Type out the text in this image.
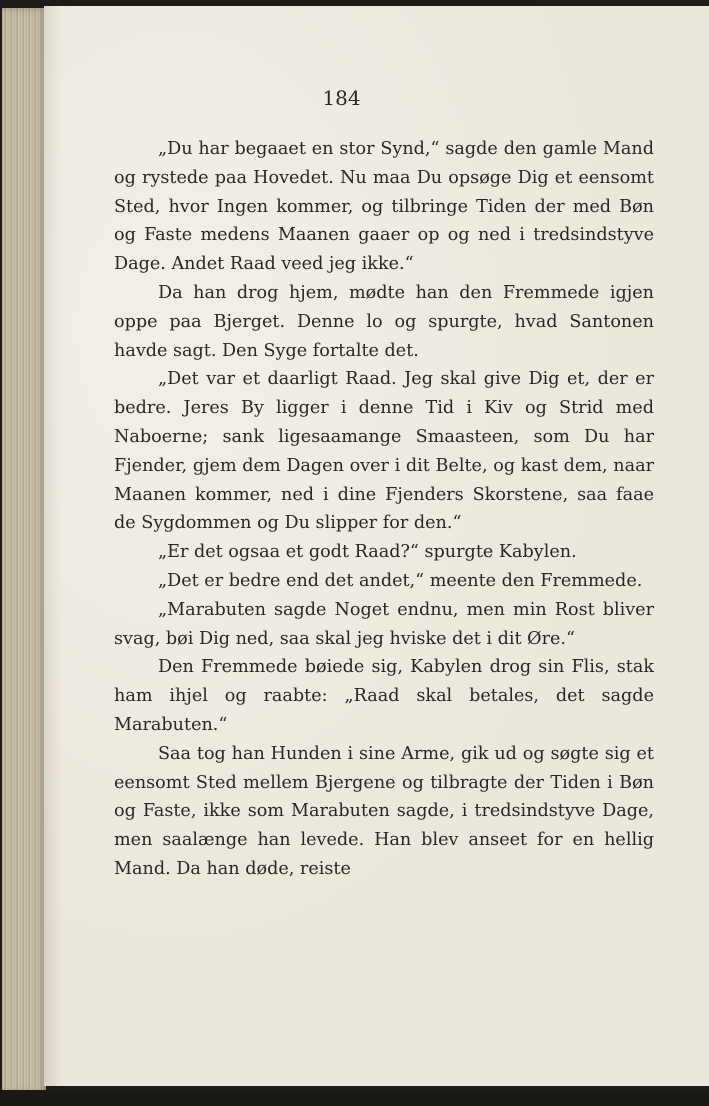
184

„Du har begaaet en stor Synd,“ sagde den gamle Mand og rystede paa Hovedet. Nu maa Du opsøge Dig et eensomt Sted, hvor Ingen kommer, og tilbringe Tiden der med Bøn og Faste medens Maanen gaaer op og ned i tredsindstyve Dage. Andet Raad veed jeg ikke.“

Da han drog hjem, mødte han den Fremmede igjen oppe paa Bjerget. Denne lo og spurgte, hvad Santonen havde sagt. Den Syge fortalte det.

„Det var et daarligt Raad. Jeg skal give Dig et, der er bedre. Jeres By ligger i denne Tid i Kiv og Strid med Naboerne; sank ligesaamange Smaasteen, som Du har Fjender, gjem dem Dagen over i dit Belte, og kast dem, naar Maanen kommer, ned i dine Fjenders Skorstene, saa faae de Sygdommen og Du slipper for den.“

„Er det ogsaa et godt Raad?“ spurgte Kabylen.

„Det er bedre end det andet,“ meente den Fremmede.

„Marabuten sagde Noget endnu, men min Rost bliver svag, bøi Dig ned, saa skal jeg hviske det i dit Øre.“

Den Fremmede bøiede sig, Kabylen drog sin Flis, stak ham ihjel og raabte: „Raad skal betales, det sagde Marabuten.“

Saa tog han Hunden i sine Arme, gik ud og søgte sig et eensomt Sted mellem Bjergene og tilbragte der Tiden i Bøn og Faste, ikke som Marabuten sagde, i tredsindstyve Dage, men saalænge han levede. Han blev anseet for en hellig Mand. Da han døde, reiste
